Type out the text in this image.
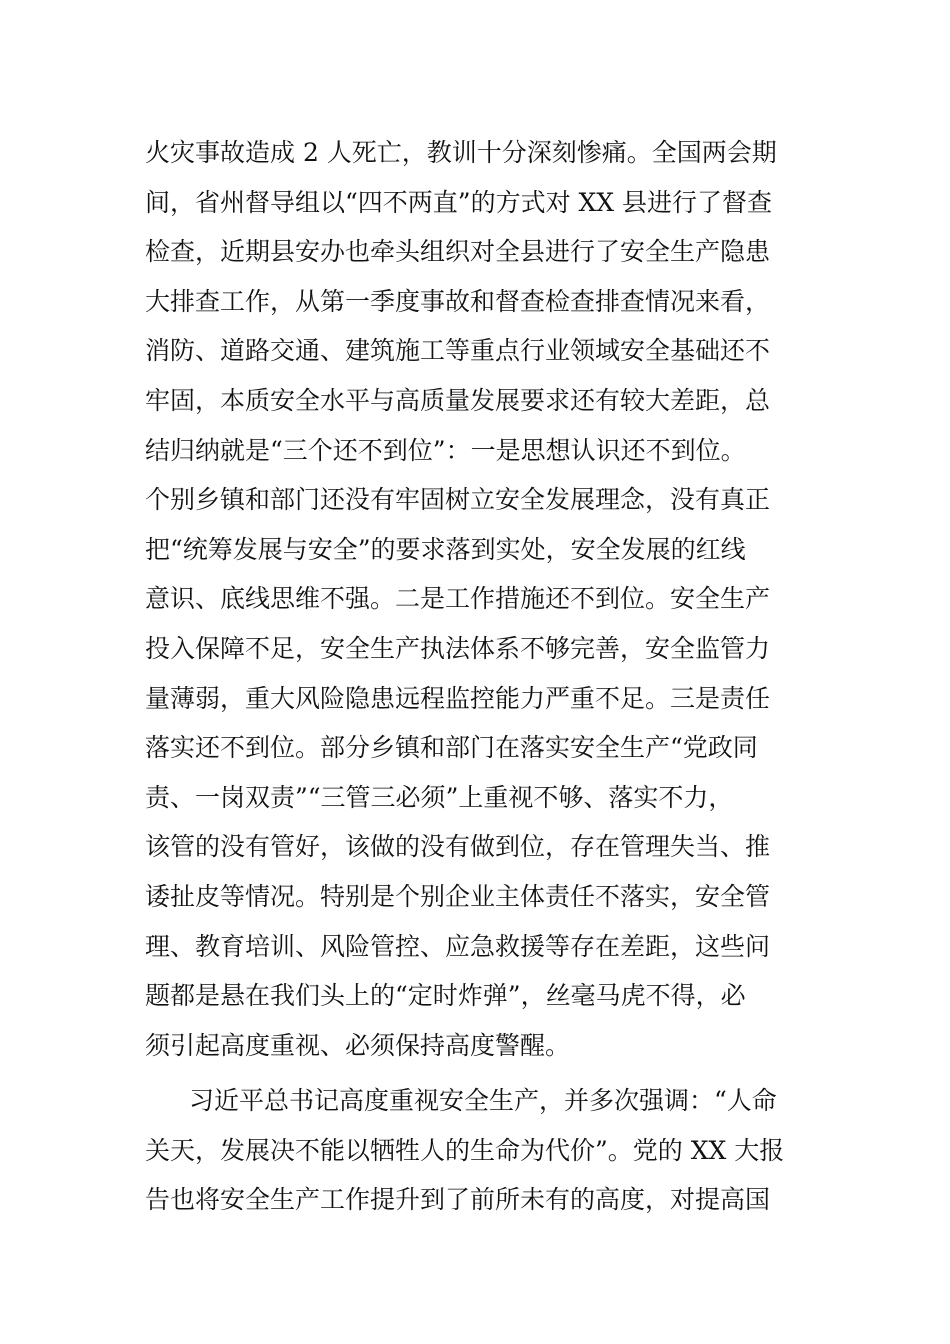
火灾事故造成 2 人死亡，教训十分深刻惨痛。全国两会期
间，省州督导组以“四不两直”的方式对 XX 县进行了督查
检查，近期县安办也牵头组织对全县进行了安全生产隐患
大排查工作，从第一季度事故和督查检查排查情况来看，
消防、道路交通、建筑施工等重点行业领域安全基础还不
牢固，本质安全水平与高质量发展要求还有较大差距，总
结归纳就是“三个还不到位”：一是思想认识还不到位。
个别乡镇和部门还没有牢固树立安全发展理念，没有真正
把“统筹发展与安全”的要求落到实处，安全发展的红线
意识、底线思维不强。二是工作措施还不到位。安全生产
投入保障不足，安全生产执法体系不够完善，安全监管力
量薄弱，重大风险隐患远程监控能力严重不足。三是责任
落实还不到位。部分乡镇和部门在落实安全生产“党政同
责、一岗双责”“三管三必须”上重视不够、落实不力，
该管的没有管好，该做的没有做到位，存在管理失当、推
诿扯皮等情况。特别是个别企业主体责任不落实，安全管
理、教育培训、风险管控、应急救援等存在差距，这些问
题都是悬在我们头上的“定时炸弹”，丝毫马虎不得，必
须引起高度重视、必须保持高度警醒。
习近平总书记高度重视安全生产，并多次强调：“人命
关天，发展决不能以牺牲人的生命为代价”。党的 XX 大报
告也将安全生产工作提升到了前所未有的高度，对提高国
